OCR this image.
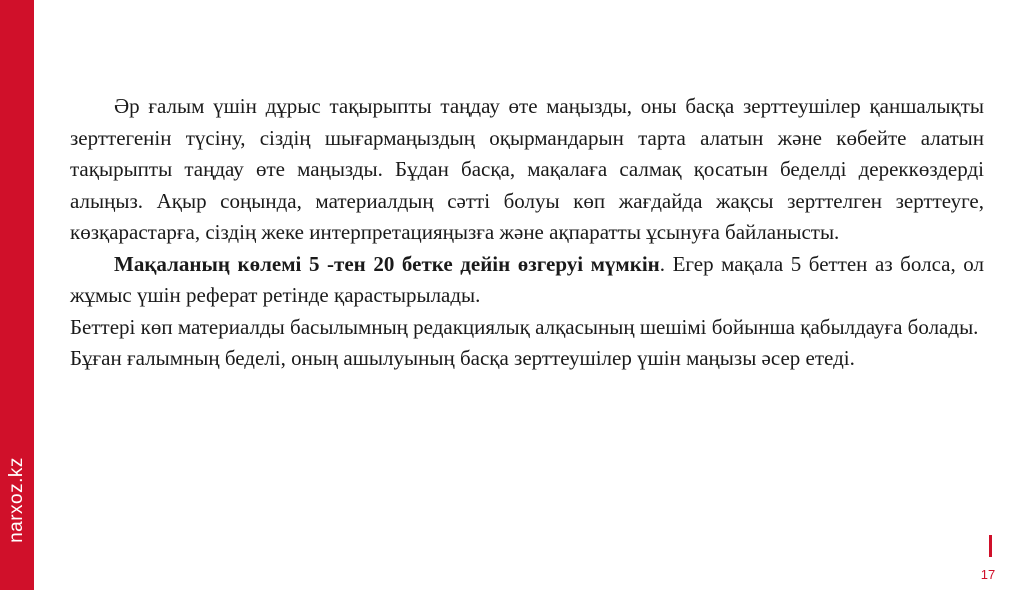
narxoz.kz

Әр ғалым үшін дұрыс тақырыпты таңдау өте маңызды, оны басқа зерттеушілер қаншалықты зерттегенін түсіну, сіздің шығармаңыздың оқырмандарын тарта алатын және көбейте алатын тақырыпты таңдау өте маңызды. Бұдан басқа, мақалаға салмақ қосатын беделді дереккөздерді алыңыз. Ақыр соңында, материалдың сәтті болуы көп жағдайда жақсы зерттелген зерттеуге, көзқарастарға, сіздің жеке интерпретацияңызға және ақпаратты ұсынуға байланысты.

Мақаланың көлемі 5 -тен 20 бетке дейін өзгеруі мүмкін. Егер мақала 5 беттен аз болса, ол жұмыс үшін реферат ретінде қарастырылады.

Беттері көп материалды басылымның редакциялық алқасының шешімі бойынша қабылдауға болады.

Бұған ғалымның беделі, оның ашылуының басқа зерттеушілер үшін маңызы әсер етеді.

17
